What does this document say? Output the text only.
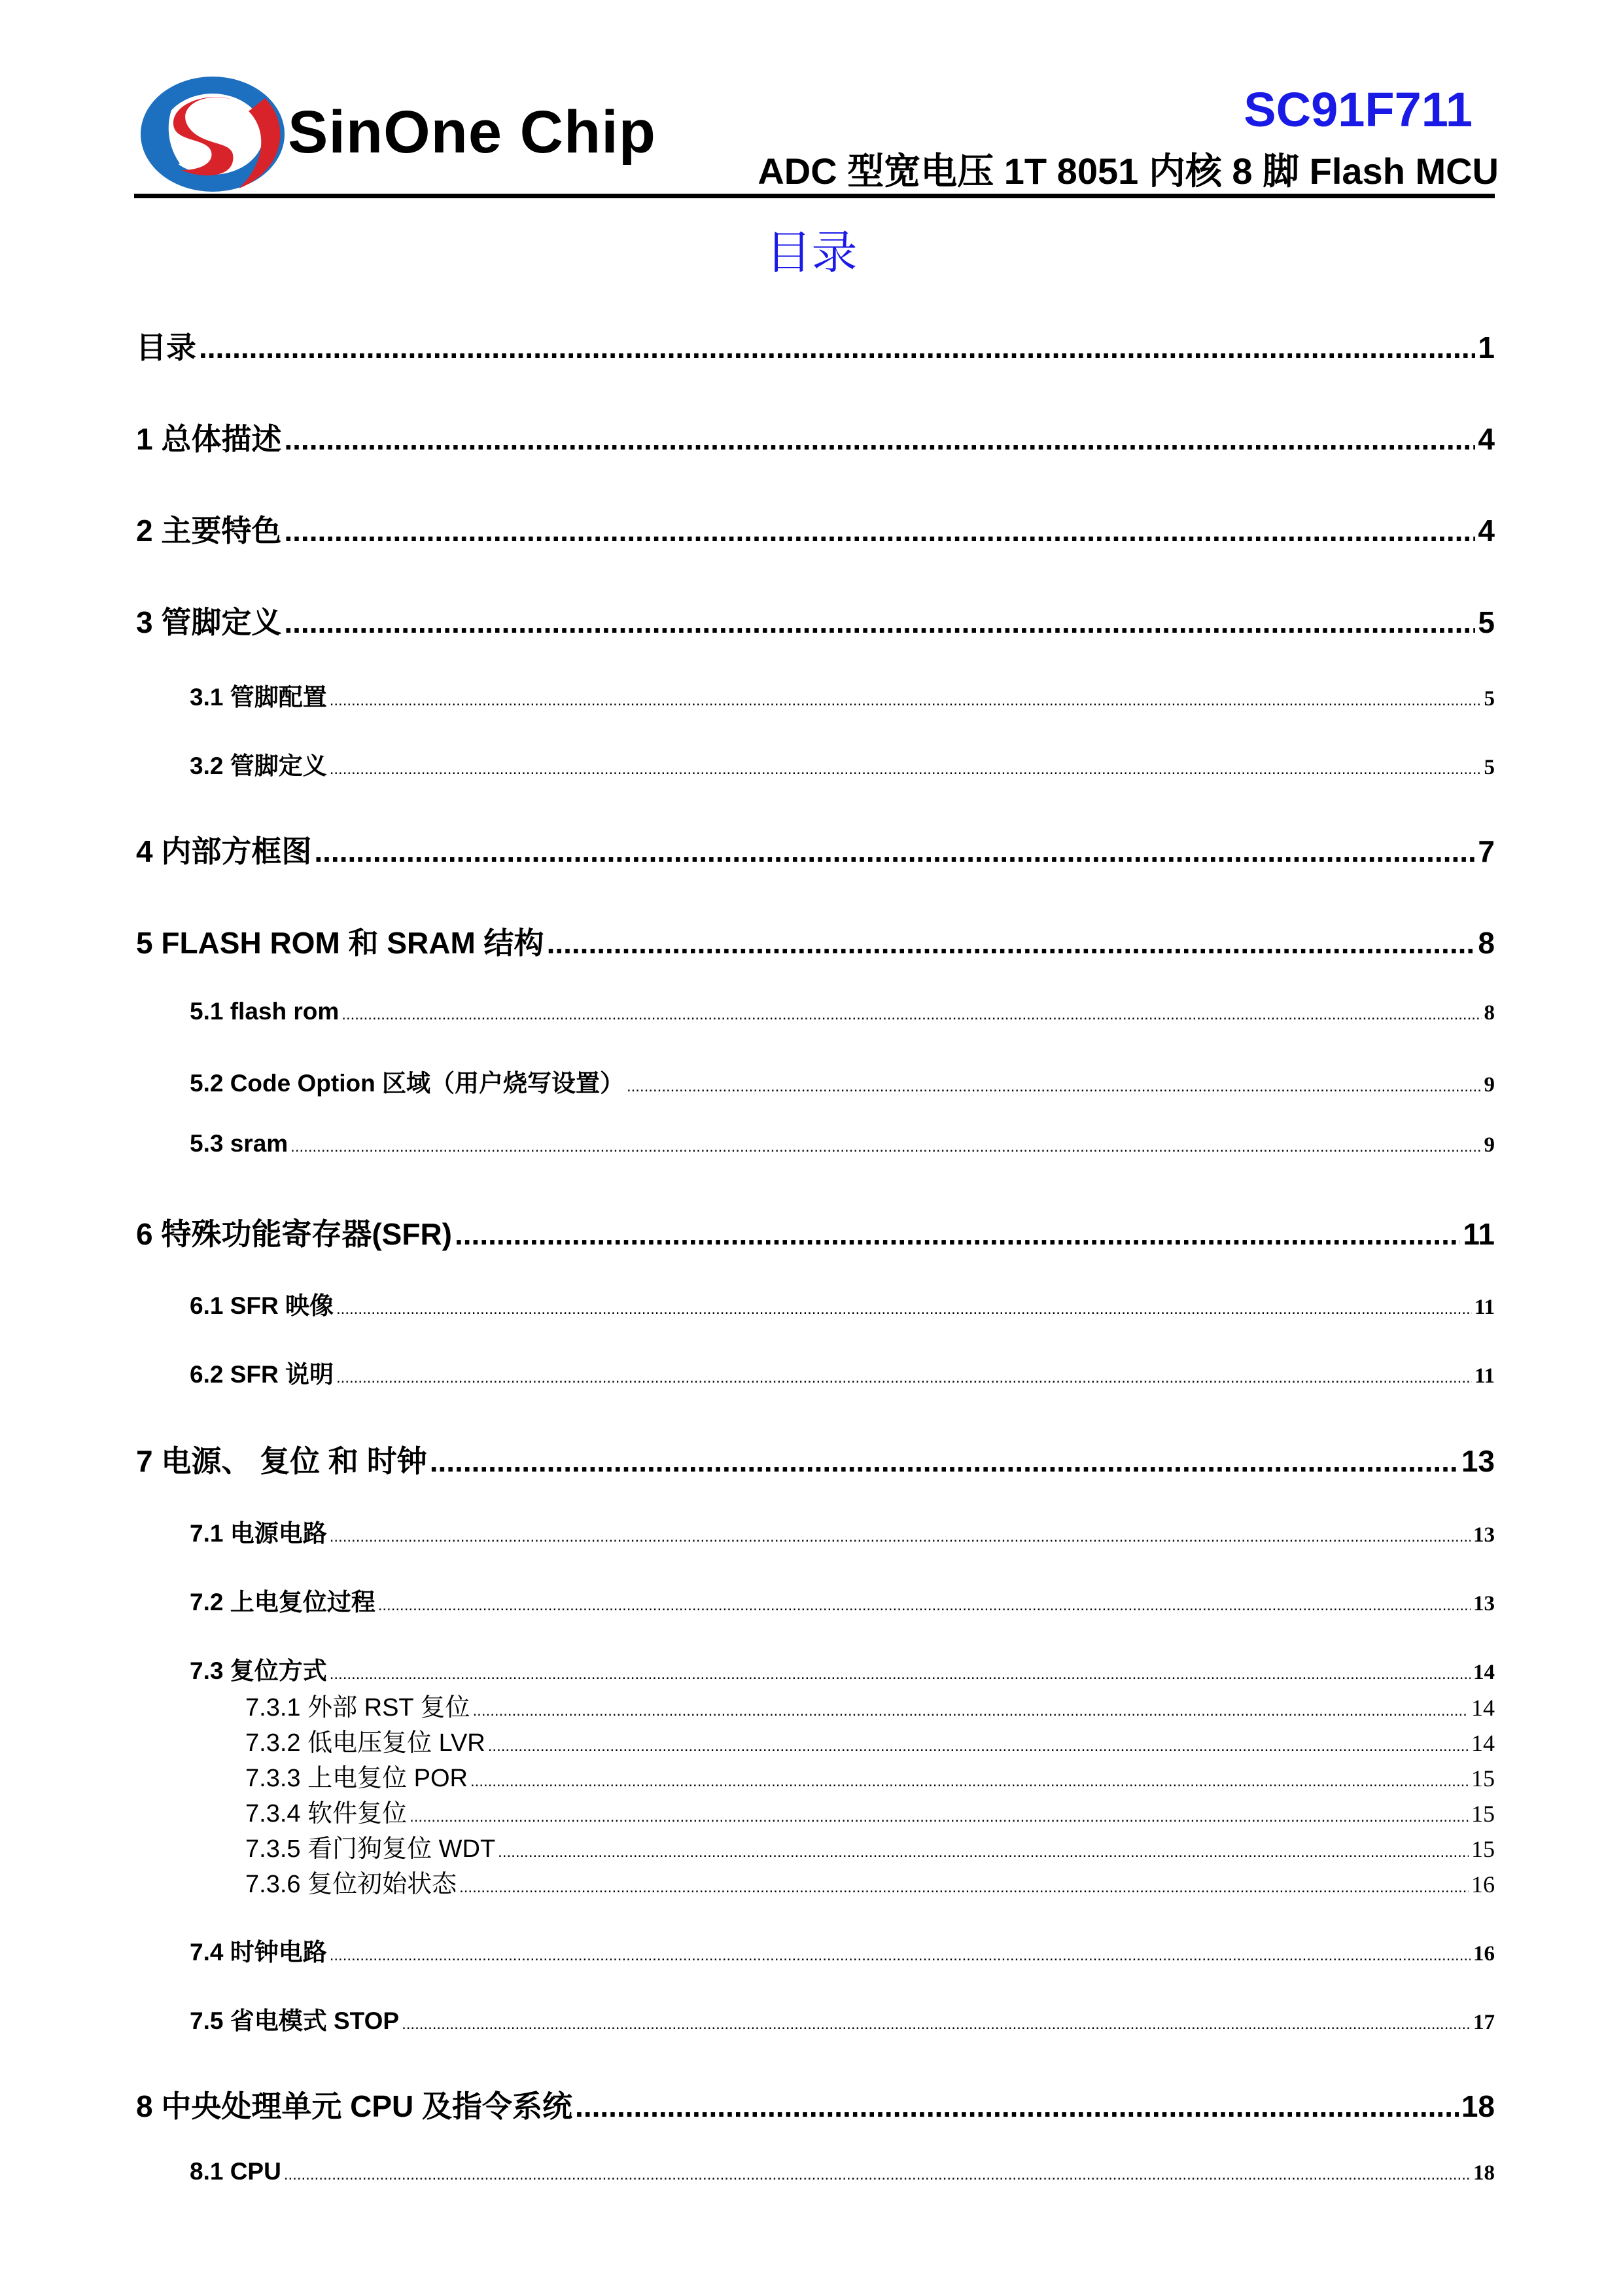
SinOne Chip	SC91F711
ADC 型宽电压 1T 8051 内核 8 脚 Flash MCU
目录
目录 .....	1
1 总体描述 .....	4
2 主要特色 .....	4
3 管脚定义 .....	5
3.1 管脚配置 .....	5
3.2 管脚定义 .....	5
4 内部方框图 .....	7
5 FLASH ROM 和 SRAM 结构 .....	8
5.1 flash rom .....	8
5.2 Code Option 区域（用户烧写设置） .....	9
5.3 sram .....	9
6 特殊功能寄存器(SFR) .....	11
6.1 SFR 映像 .....	11
6.2 SFR 说明 .....	11
7 电源、 复位 和 时钟 .....	13
7.1 电源电路 .....	13
7.2 上电复位过程 .....	13
7.3 复位方式 .....	14
7.3.1 外部 RST 复位 .....	14
7.3.2 低电压复位 LVR .....	14
7.3.3 上电复位 POR .....	15
7.3.4 软件复位 .....	15
7.3.5 看门狗复位 WDT .....	15
7.3.6 复位初始状态 .....	16
7.4 时钟电路 .....	16
7.5 省电模式 STOP .....	17
8 中央处理单元 CPU 及指令系统 .....	18
8.1 CPU .....	18
